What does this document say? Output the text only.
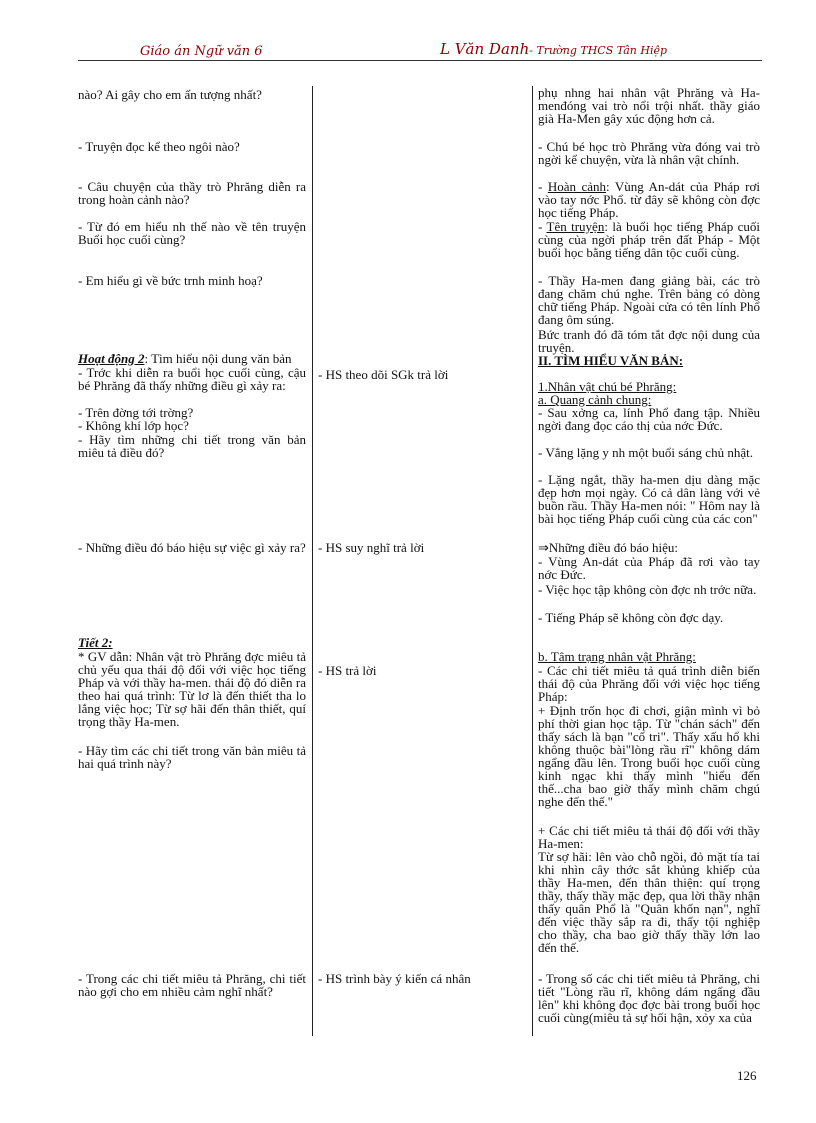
Giáo án Ngữ văn 6	L Văn Danh- Trường THCS Tân Hiệp
nào? Ai gây cho em ấn tượng nhất?
- Truyện đọc kể theo ngôi nào?
- Câu chuyện của thầy trò Phrăng diễn ra trong hoàn cảnh nào?
- Từ đó em hiểu nh thế nào về tên truyện Buổi học cuối cùng?
- Em hiểu gì về bức trnh minh hoạ?
Hoạt động 2: Tìm hiểu nội dung văn bản
- Trớc khi diễn ra buổi học cuối cùng, cậu bé Phrăng đã thấy những điều gì xảy ra:
- Trên đờng tới trờng?
- Không khí lớp học?
- Hãy tìm những chi tiết trong văn bản miêu tả điều đó?
- Những điều đó báo hiệu sự việc gì xảy ra?
Tiết 2:
* GV dẫn: Nhân vật trò Phrăng đợc miêu tả chủ yếu qua thái độ đối với việc học tiếng Pháp và với thầy ha-men. thái độ đó diễn ra theo hai quá trình: Từ lơ là đến thiết tha lo lắng việc học; Từ sợ hãi đến thân thiết, quí trọng thầy Ha-men.
- Hãy tìm các chi tiết trong văn bản miêu tả hai quá trình này?
- Trong các chi tiết miêu tả Phrăng, chi tiết nào gợi cho em nhiều cảm nghĩ nhất?
- HS theo dõi SGk trả lời
- HS suy nghĩ trả lời
- HS trả lời
- HS trình bày ý kiến cá nhân
phụ nhng hai nhân vật Phrăng và Ha-menđóng vai trò nổi trội nhất. thầy giáo già Ha-Men gây xúc động hơn cả.
- Chú bé học trò Phrăng vừa đóng vai trò ngời kể chuyện, vừa là nhân vật chính.
- Hoàn cảnh: Vùng An-dát của Pháp rơi vào tay nớc Phổ. từ đây sẽ không còn đợc học tiếng Pháp.
- Tên truyện: là buổi học tiếng Pháp cuối cùng của ngời pháp trên đất Pháp - Một buổi học bằng tiếng dân tộc cuối cùng.
- Thầy Ha-men đang giảng bài, các trò đang chăm chú nghe. Trên bảng có dòng chữ tiếng Pháp. Ngoài cửa có tên lính Phổ đang ôm súng.
Bức tranh đó đã tóm tắt đợc nội dung của truyện.
II. TÌM HIỂU VĂN BẢN:
1.Nhân vật chú bé Phrăng:
a. Quang cảnh chung:
- Sau xởng ca, lính Phổ đang tập. Nhiều ngời đang đọc cáo thị của nớc Đức.
- Vắng lặng y nh một buổi sáng chủ nhật.
- Lặng ngắt, thầy ha-men dịu dàng mặc đẹp hơn mọi ngày. Có cả dân làng với vẻ buồn rầu. Thầy Ha-men nói: " Hôm nay là bài học tiếng Pháp cuối cùng của các con"
⇒Những điều đó báo hiệu:
- Vùng An-dát của Pháp đã rơi vào tay nớc Đức.
- Việc học tập không còn đợc nh trớc nữa.
- Tiếng Pháp sẽ không còn đợc dạy.
b. Tâm trạng nhân vật Phrăng:
- Các chi tiết miêu tả quá trình diễn biến thái độ của Phrăng đối với việc học tiếng Pháp:
+ Định trốn học đi chơi, giận mình vì bỏ phí thời gian học tập. Từ "chán sách" đến thấy sách là bạn "cố tri". Thấy xấu hổ khi không thuộc bài"lòng rầu rĩ" không dám ngẩng đầu lên. Trong buổi học cuối cùng kinh ngạc khi thấy mình "hiểu đến thế...cha bao giờ thấy mình chăm chgú nghe đến thế."
+ Các chi tiết miêu tả thái độ đối với thầy Ha-men:
Từ sợ hãi: lên vào chỗ ngồi, đỏ mặt tía tai khi nhìn cây thớc sắt khủng khiếp của thầy Ha-men, đến thân thiện: quí trọng thầy, thấy thầy mặc đẹp, qua lời thầy nhận thấy quân Phổ là "Quân khốn nạn", nghĩ đến việc thầy sắp ra đi, thấy tội nghiệp cho thầy, cha bao giờ thấy thầy lớn lao đến thế.
- Trong số các chi tiết miêu tả Phrăng, chi tiết "Lòng rầu rĩ, không dám ngẩng đầu lên" khi không đọc đợc bài trong buổi học cuối cùng(miêu tả sự hối hận, xỏy xa của
126
